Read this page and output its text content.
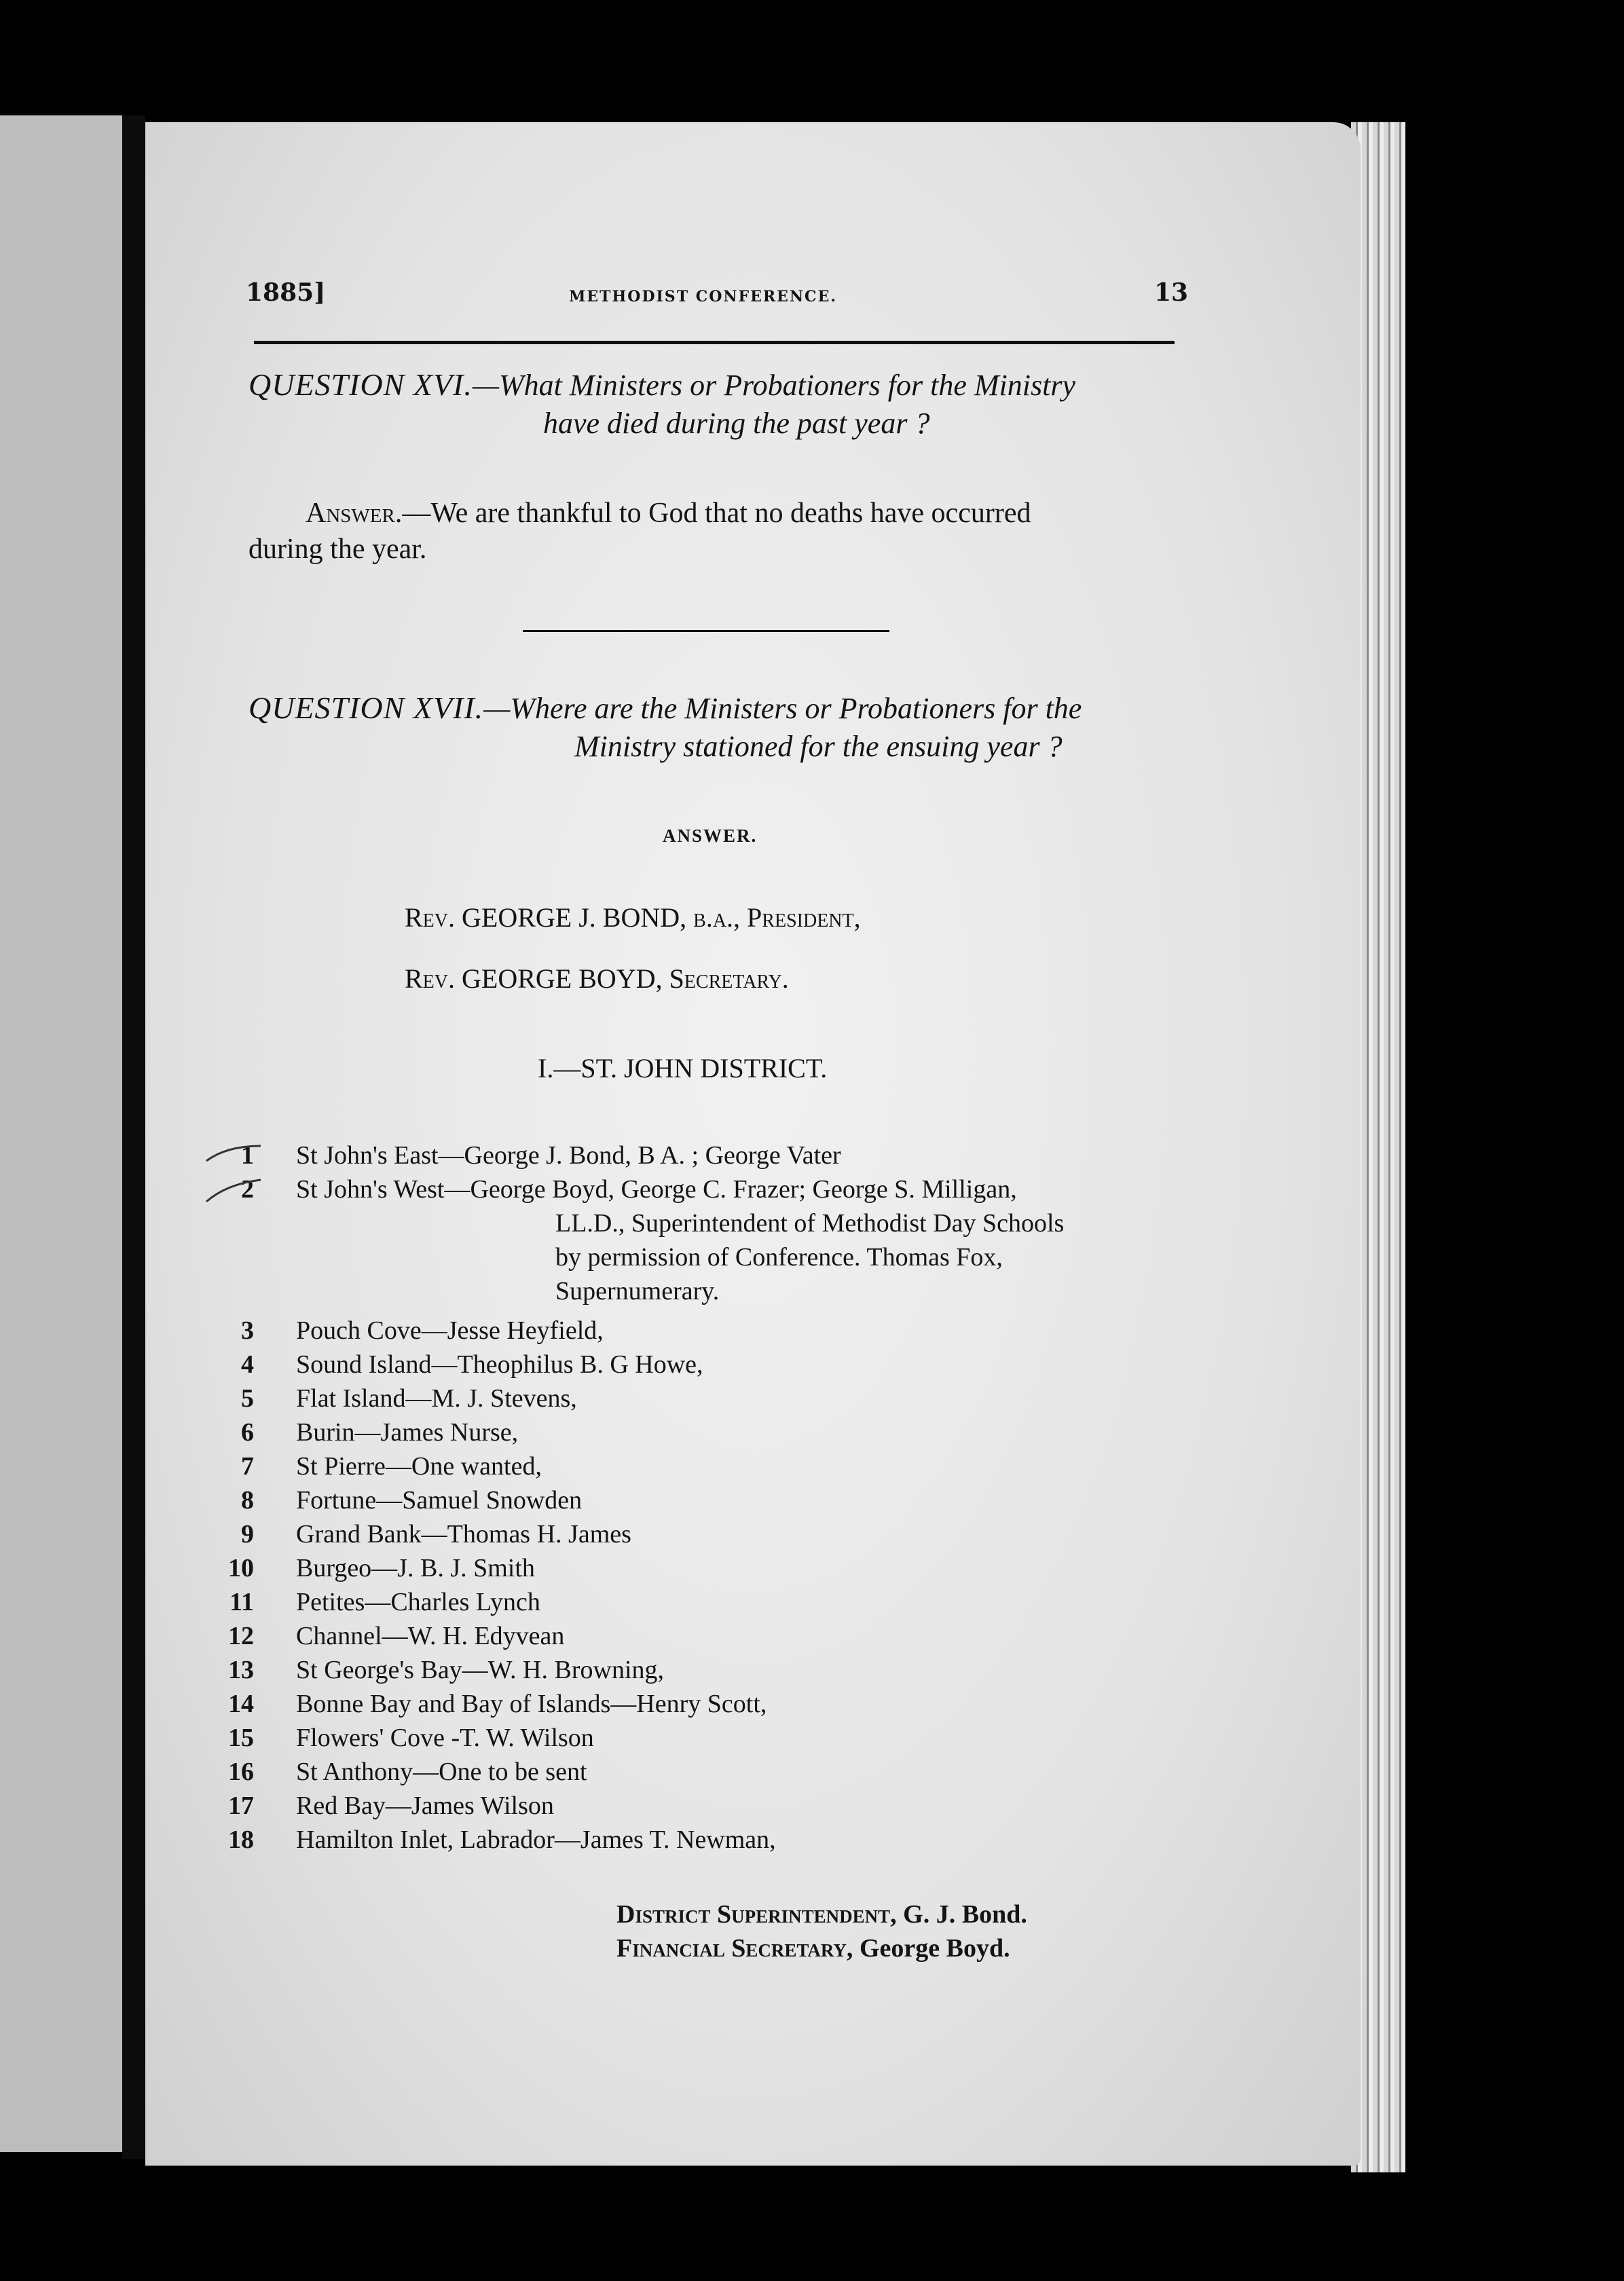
1885]	METHODIST CONFERENCE.	13
QUESTION XVI.—What Ministers or Probationers for the Ministry
have died during the past year ?
Answer.—We are thankful to God that no deaths have occurred
during the year.
QUESTION XVII.—Where are the Ministers or Probationers for the
Ministry stationed for the ensuing year ?
ANSWER.
Rev. GEORGE J. BOND, b.a., President,
Rev. GEORGE BOYD, Secretary.
I.—ST. JOHN DISTRICT.
1 St John's East—George J. Bond, B A. ; George Vater
2 St John's West—George Boyd, George C. Frazer; George S. Milligan,
LL.D., Superintendent of Methodist Day Schools
by permission of Conference. Thomas Fox,
Supernumerary.
3 Pouch Cove—Jesse Heyfield,
4 Sound Island—Theophilus B. G Howe,
5 Flat Island—M. J. Stevens,
6 Burin—James Nurse,
7 St Pierre—One wanted,
8 Fortune—Samuel Snowden
9 Grand Bank—Thomas H. James
10 Burgeo—J. B. J. Smith
11 Petites—Charles Lynch
12 Channel—W. H. Edyvean
13 St George's Bay—W. H. Browning,
14 Bonne Bay and Bay of Islands—Henry Scott,
15 Flowers' Cove -T. W. Wilson
16 St Anthony—One to be sent
17 Red Bay—James Wilson
18 Hamilton Inlet, Labrador—James T. Newman,
District Superintendent, G. J. Bond.
Financial Secretary, George Boyd.
